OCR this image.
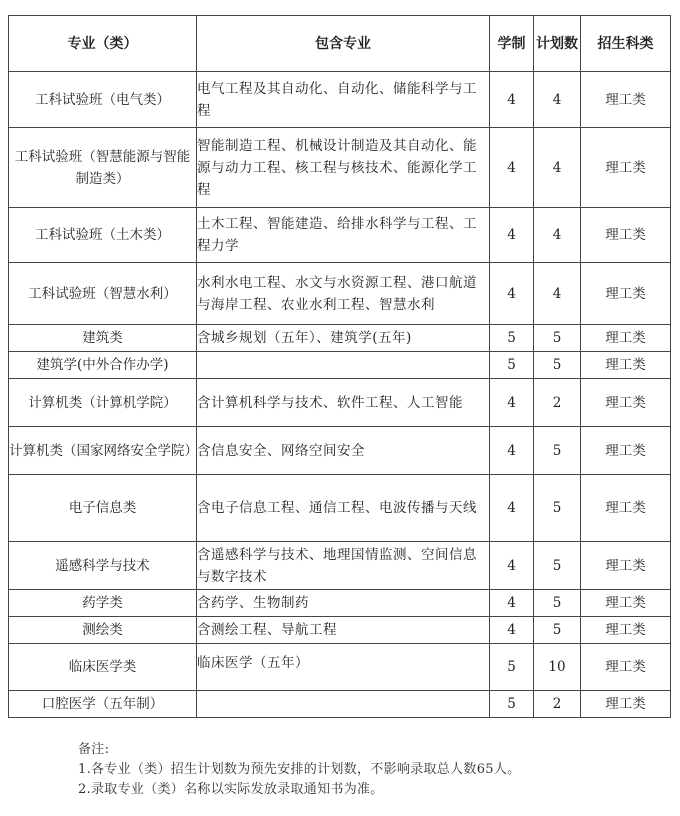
专业（类）	包含专业	学制	计划数	招生科类
工科试验班（电气类）	电气工程及其自动化、自动化、储能科学与工程	4	4	理工类
工科试验班（智慧能源与智能制造类）	智能制造工程、机械设计制造及其自动化、能源与动力工程、核工程与核技术、能源化学工程	4	4	理工类
工科试验班（土木类）	土木工程、智能建造、给排水科学与工程、工程力学	4	4	理工类
工科试验班（智慧水利）	水利水电工程、水文与水资源工程、港口航道与海岸工程、农业水利工程、智慧水利	4	4	理工类
建筑类	含城乡规划（五年）、建筑学(五年)	5	5	理工类
建筑学(中外合作办学)		5	5	理工类
计算机类（计算机学院）	含计算机科学与技术、软件工程、人工智能	4	2	理工类
计算机类（国家网络安全学院）	含信息安全、网络空间安全	4	5	理工类
电子信息类	含电子信息工程、通信工程、电波传播与天线	4	5	理工类
遥感科学与技术	含遥感科学与技术、地理国情监测、空间信息与数字技术	4	5	理工类
药学类	含药学、生物制药	4	5	理工类
测绘类	含测绘工程、导航工程	4	5	理工类
临床医学类	临床医学（五年）	5	10	理工类
口腔医学（五年制）		5	2	理工类
备注:
1.各专业（类）招生计划数为预先安排的计划数，不影响录取总人数65人。
2.录取专业（类）名称以实际发放录取通知书为准。
